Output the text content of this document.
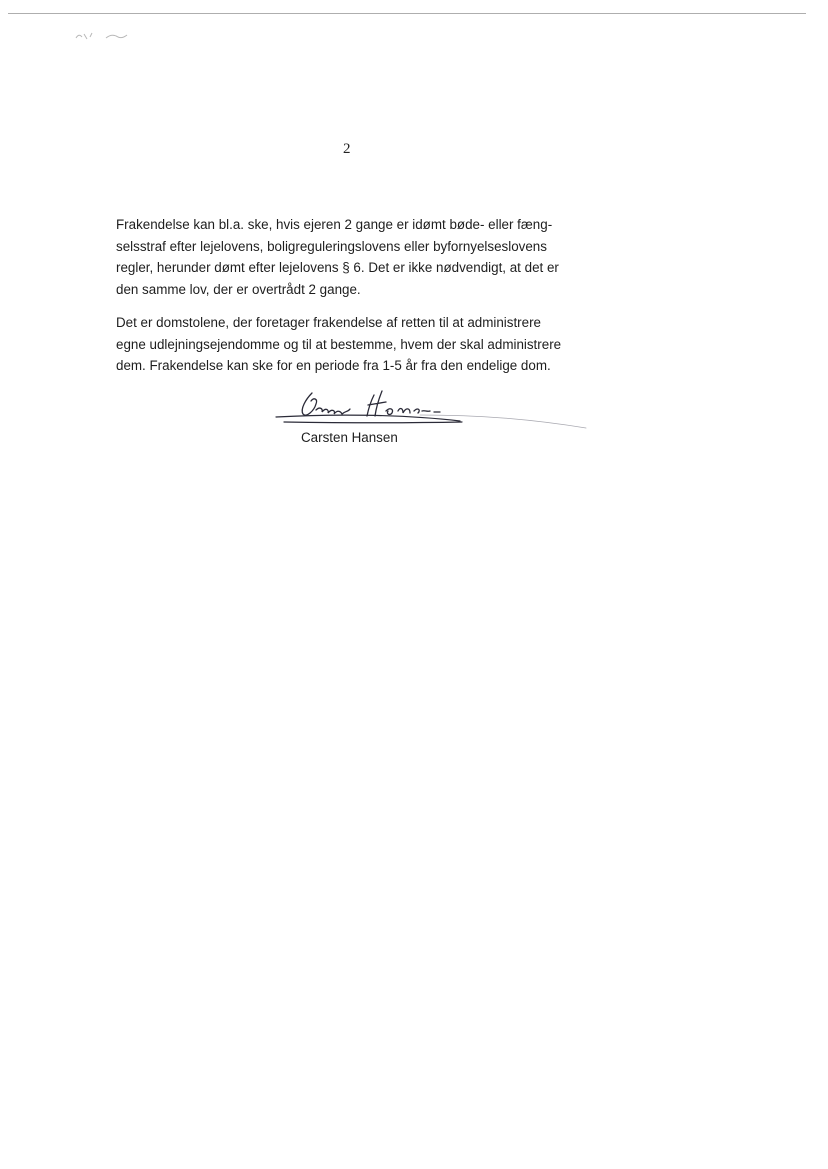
2
Frakendelse kan bl.a. ske, hvis ejeren 2 gange er idømt bøde- eller fæng-
selsstraf efter lejelovens, boligreguleringslovens eller byfornyelseslovens
regler, herunder dømt efter lejelovens § 6. Det er ikke nødvendigt, at det er
den samme lov, der er overtrådt 2 gange.
Det er domstolene, der foretager frakendelse af retten til at administrere
egne udlejningsejendomme og til at bestemme, hvem der skal administrere
dem. Frakendelse kan ske for en periode fra 1-5 år fra den endelige dom.
Carsten Hansen
